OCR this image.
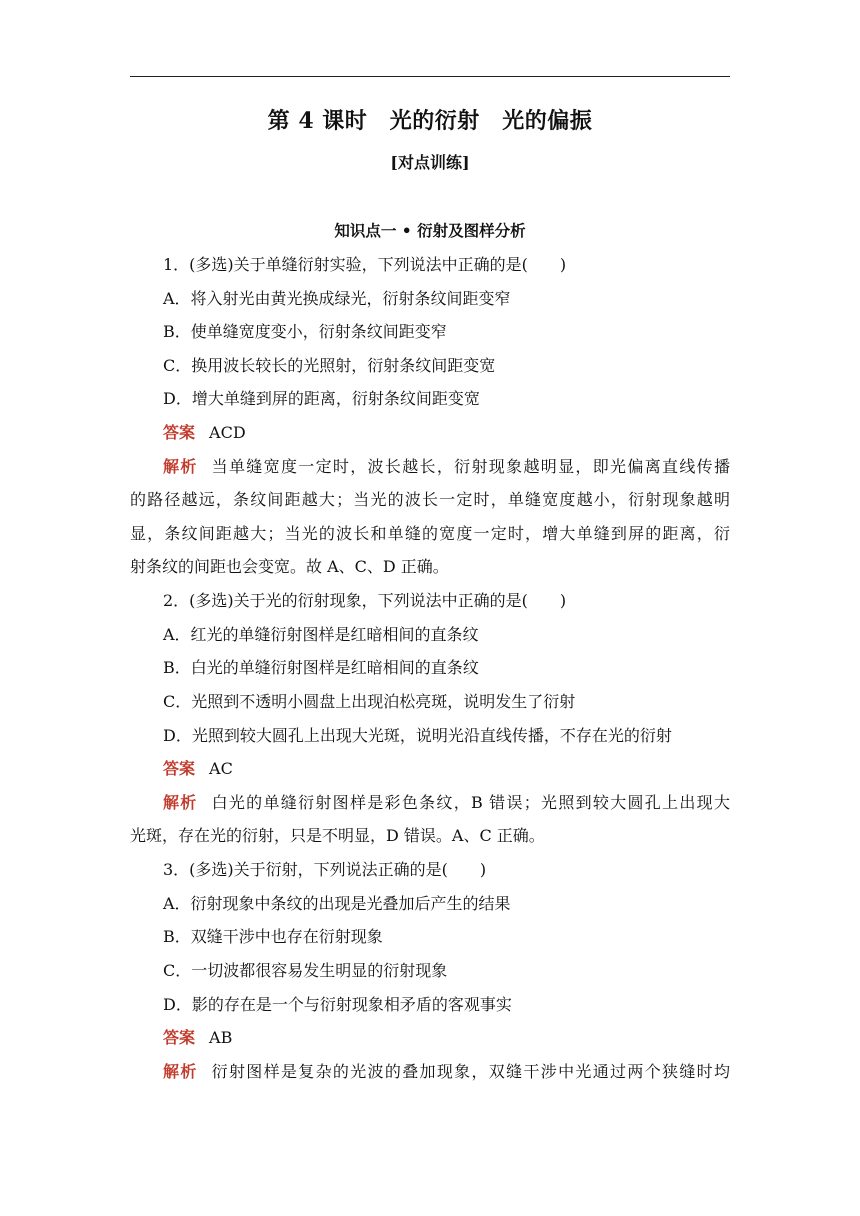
第 4 课时　光的衍射　光的偏振
[对点训练]
知识点一 • 衍射及图样分析
1．(多选)关于单缝衍射实验，下列说法中正确的是(　　)
A．将入射光由黄光换成绿光，衍射条纹间距变窄
B．使单缝宽度变小，衍射条纹间距变窄
C．换用波长较长的光照射，衍射条纹间距变宽
D．增大单缝到屏的距离，衍射条纹间距变宽
答案 ACD
解析 当单缝宽度一定时，波长越长，衍射现象越明显，即光偏离直线传播
的路径越远，条纹间距越大；当光的波长一定时，单缝宽度越小，衍射现象越明
显，条纹间距越大；当光的波长和单缝的宽度一定时，增大单缝到屏的距离，衍
射条纹的间距也会变宽。故 A、C、D 正确。
2．(多选)关于光的衍射现象，下列说法中正确的是(　　)
A．红光的单缝衍射图样是红暗相间的直条纹
B．白光的单缝衍射图样是红暗相间的直条纹
C．光照到不透明小圆盘上出现泊松亮斑，说明发生了衍射
D．光照到较大圆孔上出现大光斑，说明光沿直线传播，不存在光的衍射
答案 AC
解析 白光的单缝衍射图样是彩色条纹，B 错误；光照到较大圆孔上出现大
光斑，存在光的衍射，只是不明显，D 错误。A、C 正确。
3．(多选)关于衍射，下列说法正确的是(　　)
A．衍射现象中条纹的出现是光叠加后产生的结果
B．双缝干涉中也存在衍射现象
C．一切波都很容易发生明显的衍射现象
D．影的存在是一个与衍射现象相矛盾的客观事实
答案 AB
解析 衍射图样是复杂的光波的叠加现象，双缝干涉中光通过两个狭缝时均
